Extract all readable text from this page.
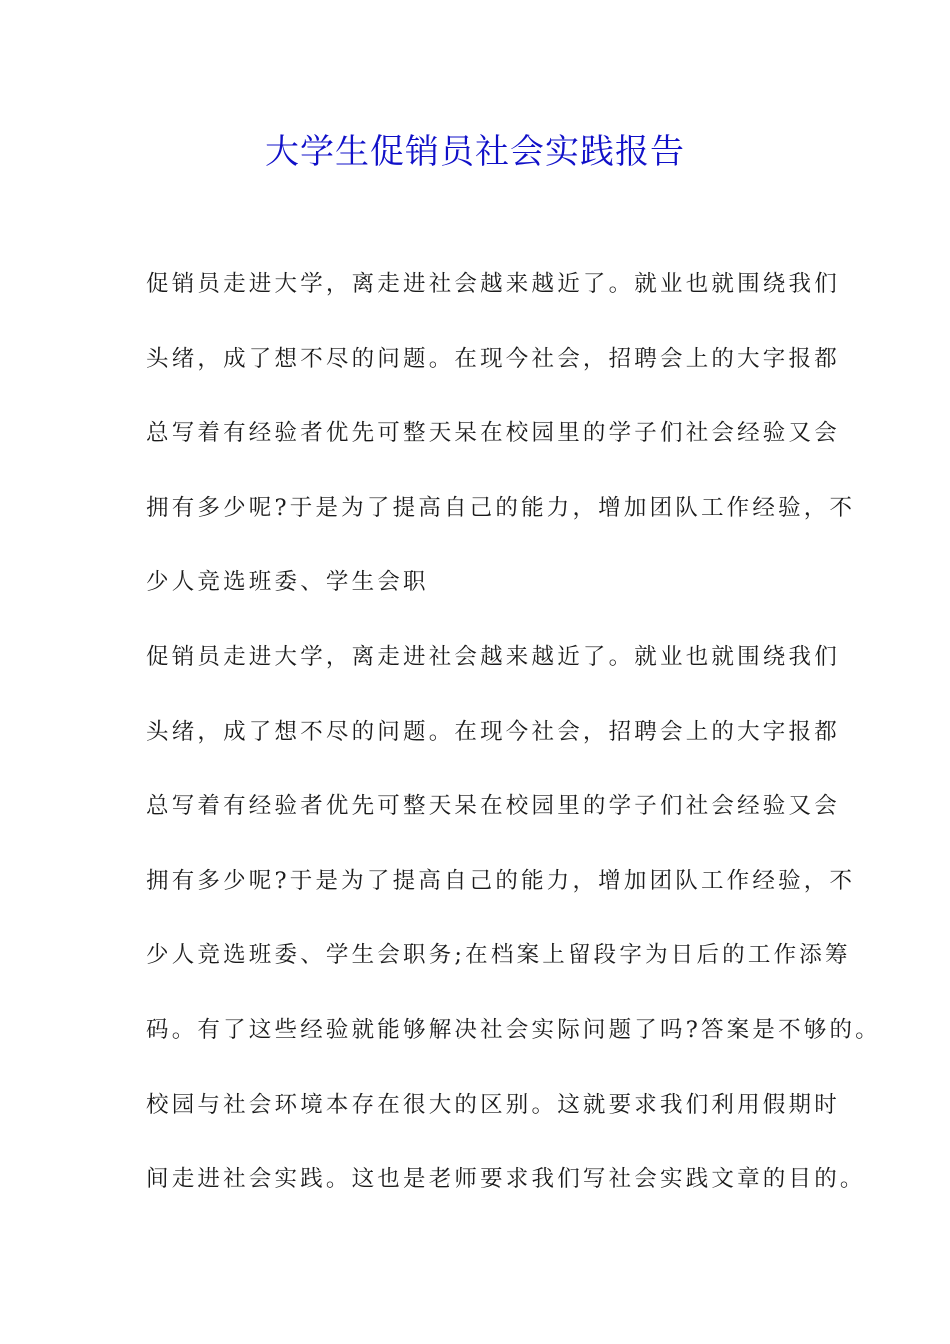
大学生促销员社会实践报告
促销员走进大学，离走进社会越来越近了。就业也就围绕我们
头绪，成了想不尽的问题。在现今社会，招聘会上的大字报都
总写着有经验者优先可整天呆在校园里的学子们社会经验又会
拥有多少呢?于是为了提高自己的能力，增加团队工作经验，不
少人竞选班委、学生会职
促销员走进大学，离走进社会越来越近了。就业也就围绕我们
头绪，成了想不尽的问题。在现今社会，招聘会上的大字报都
总写着有经验者优先可整天呆在校园里的学子们社会经验又会
拥有多少呢?于是为了提高自己的能力，增加团队工作经验，不
少人竞选班委、学生会职务;在档案上留段字为日后的工作添筹
码。有了这些经验就能够解决社会实际问题了吗?答案是不够的。
校园与社会环境本存在很大的区别。这就要求我们利用假期时
间走进社会实践。这也是老师要求我们写社会实践文章的目的。
